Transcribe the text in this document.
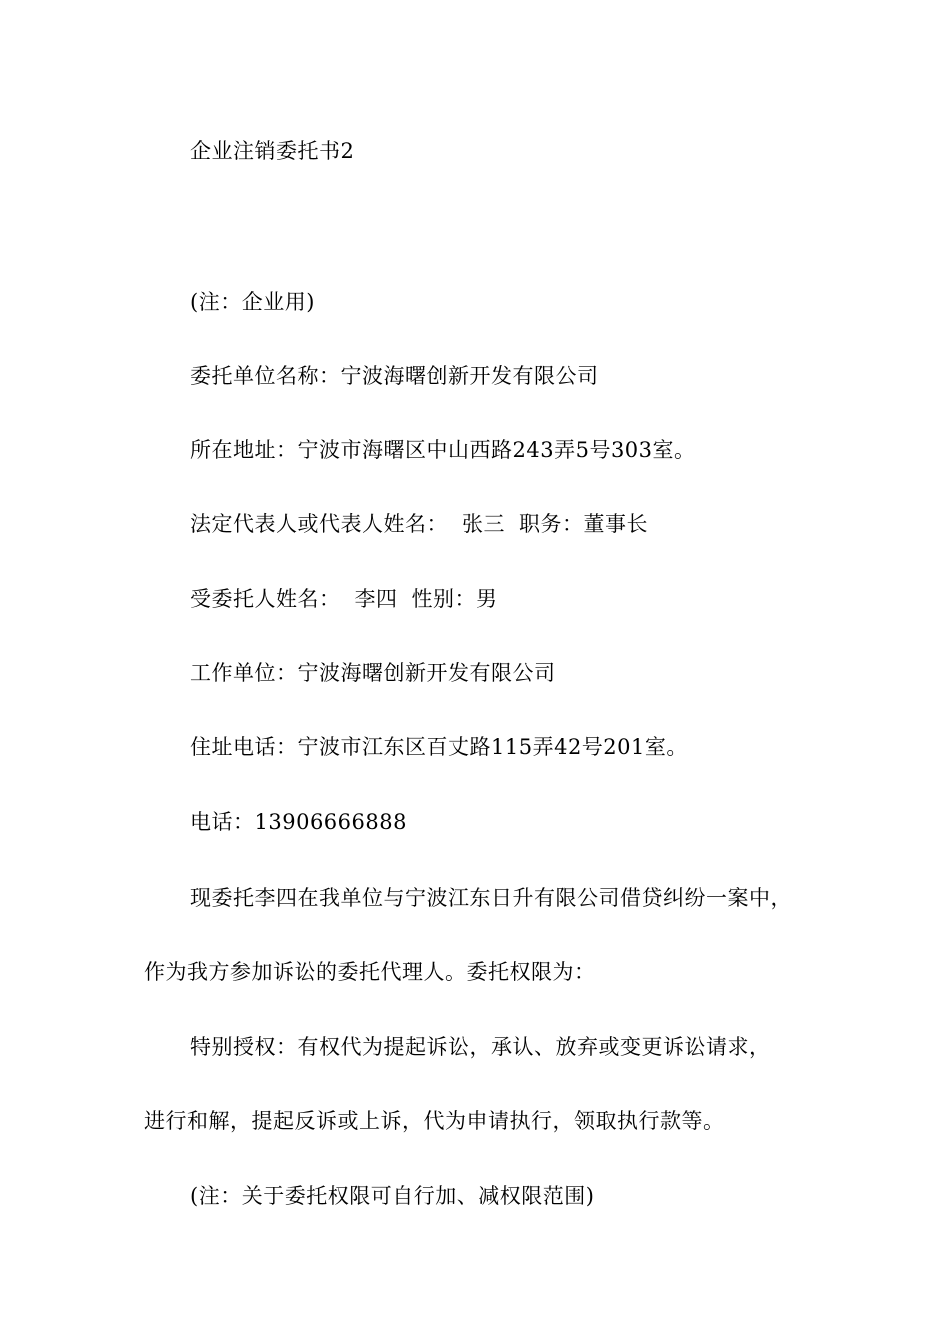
企业注销委托书2
(注：企业用)
委托单位名称：宁波海曙创新开发有限公司
所在地址：宁波市海曙区中山西路243弄5号303室。
法定代表人或代表人姓名： 张三 职务：董事长
受委托人姓名： 李四 性别：男
工作单位：宁波海曙创新开发有限公司
住址电话：宁波市江东区百丈路115弄42号201室。
电话：13906666888
现委托李四在我单位与宁波江东日升有限公司借贷纠纷一案中，
作为我方参加诉讼的委托代理人。委托权限为：
特别授权：有权代为提起诉讼，承认、放弃或变更诉讼请求，
进行和解，提起反诉或上诉，代为申请执行，领取执行款等。
(注：关于委托权限可自行加、减权限范围)
